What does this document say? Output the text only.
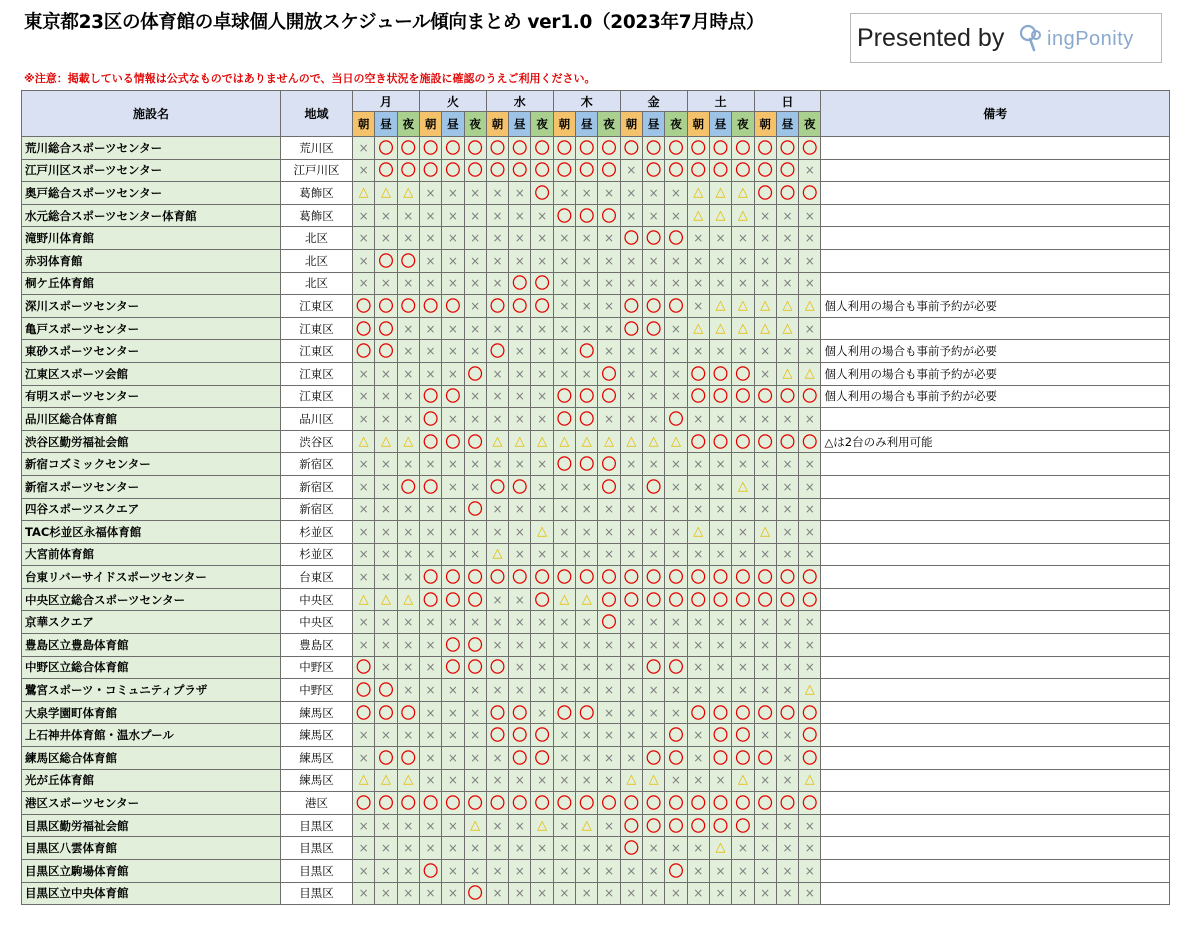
東京都23区の体育館の卓球個人開放スケジュール傾向まとめ ver1.0（2023年7月時点）
Presented by ingPonity
※注意：掲載している情報は公式なものではありませんので、当日の空き状況を施設に確認のうえご利用ください。
施設名	地域	月			火			水			木			金			土			日			備考
		朝	昼	夜	朝	昼	夜	朝	昼	夜	朝	昼	夜	朝	昼	夜	朝	昼	夜	朝	昼	夜	
荒川総合スポーツセンター	荒川区	×	〇	〇	〇	〇	〇	〇	〇	〇	〇	〇	〇	〇	〇	〇	〇	〇	〇	〇	〇	〇	
江戸川区スポーツセンター	江戸川区	×	〇	〇	〇	〇	〇	〇	〇	〇	〇	〇	〇	×	〇	〇	〇	〇	〇	〇	〇	×	
奥戸総合スポーツセンター	葛飾区	△	△	△	×	×	×	×	×	〇	×	×	×	×	×	×	△	△	△	〇	〇	〇	
水元総合スポーツセンター体育館	葛飾区	×	×	×	×	×	×	×	×	×	〇	〇	〇	×	×	×	△	△	△	×	×	×	
滝野川体育館	北区	×	×	×	×	×	×	×	×	×	×	×	×	〇	〇	〇	×	×	×	×	×	×	
赤羽体育館	北区	×	〇	〇	×	×	×	×	×	×	×	×	×	×	×	×	×	×	×	×	×	×	
桐ケ丘体育館	北区	×	×	×	×	×	×	×	〇	〇	×	×	×	×	×	×	×	×	×	×	×	×	
深川スポーツセンター	江東区	〇	〇	〇	〇	〇	×	〇	〇	〇	×	×	×	〇	〇	〇	×	△	△	△	△	△	個人利用の場合も事前予約が必要
亀戸スポーツセンター	江東区	〇	〇	×	×	×	×	×	×	×	×	×	×	〇	〇	×	△	△	△	△	△	×	
東砂スポーツセンター	江東区	〇	〇	×	×	×	×	〇	×	×	×	〇	×	×	×	×	×	×	×	×	×	×	個人利用の場合も事前予約が必要
江東区スポーツ会館	江東区	×	×	×	×	×	〇	×	×	×	×	×	〇	×	×	×	〇	〇	〇	×	△	△	個人利用の場合も事前予約が必要
有明スポーツセンター	江東区	×	×	×	〇	〇	×	×	×	×	〇	〇	〇	×	×	×	〇	〇	〇	〇	〇	〇	個人利用の場合も事前予約が必要
品川区総合体育館	品川区	×	×	×	〇	×	×	×	×	×	〇	〇	×	×	×	〇	×	×	×	×	×	×	
渋谷区勤労福祉会館	渋谷区	△	△	△	〇	〇	〇	△	△	△	△	△	△	△	△	△	〇	〇	〇	〇	〇	〇	△は2台のみ利用可能
新宿コズミックセンター	新宿区	×	×	×	×	×	×	×	×	×	〇	〇	〇	×	×	×	×	×	×	×	×	×	
新宿スポーツセンター	新宿区	×	×	〇	〇	×	×	〇	〇	×	×	×	〇	×	〇	×	×	×	△	×	×	×	
四谷スポーツスクエア	新宿区	×	×	×	×	×	〇	×	×	×	×	×	×	×	×	×	×	×	×	×	×	×	
TAC杉並区永福体育館	杉並区	×	×	×	×	×	×	×	×	△	×	×	×	×	×	×	△	×	×	△	×	×	
大宮前体育館	杉並区	×	×	×	×	×	×	△	×	×	×	×	×	×	×	×	×	×	×	×	×	×	
台東リバーサイドスポーツセンター	台東区	×	×	×	〇	〇	〇	〇	〇	〇	〇	〇	〇	〇	〇	〇	〇	〇	〇	〇	〇	〇	
中央区立総合スポーツセンター	中央区	△	△	△	〇	〇	〇	×	×	〇	△	△	〇	〇	〇	〇	〇	〇	〇	〇	〇	〇	
京華スクエア	中央区	×	×	×	×	×	×	×	×	×	×	×	〇	×	×	×	×	×	×	×	×	×	
豊島区立豊島体育館	豊島区	×	×	×	×	〇	〇	×	×	×	×	×	×	×	×	×	×	×	×	×	×	×	
中野区立総合体育館	中野区	〇	×	×	×	〇	〇	〇	×	×	×	×	×	×	〇	〇	×	×	×	×	×	×	
鷺宮スポーツ・コミュニティプラザ	中野区	〇	〇	×	×	×	×	×	×	×	×	×	×	×	×	×	×	×	×	×	×	△	
大泉学園町体育館	練馬区	〇	〇	〇	×	×	×	〇	〇	×	〇	〇	×	×	×	×	〇	〇	〇	〇	〇	〇	
上石神井体育館・温水プール	練馬区	×	×	×	×	×	×	〇	〇	〇	×	×	×	×	×	〇	×	〇	〇	×	×	〇	
練馬区総合体育館	練馬区	×	〇	〇	×	×	×	×	〇	〇	×	×	×	×	〇	〇	×	〇	〇	〇	×	〇	
光が丘体育館	練馬区	△	△	△	×	×	×	×	×	×	×	×	×	△	△	×	×	×	△	×	×	△	
港区スポーツセンター	港区	〇	〇	〇	〇	〇	〇	〇	〇	〇	〇	〇	〇	〇	〇	〇	〇	〇	〇	〇	〇	〇	
目黒区勤労福祉会館	目黒区	×	×	×	×	×	△	×	×	△	×	△	×	〇	〇	〇	〇	〇	〇	×	×	×	
目黒区八雲体育館	目黒区	×	×	×	×	×	×	×	×	×	×	×	×	〇	×	×	×	△	×	×	×	×	
目黒区立駒場体育館	目黒区	×	×	×	〇	×	×	×	×	×	×	×	×	×	×	〇	×	×	×	×	×	×	
目黒区立中央体育館	目黒区	×	×	×	×	×	〇	×	×	×	×	×	×	×	×	×	×	×	×	×	×	×	
